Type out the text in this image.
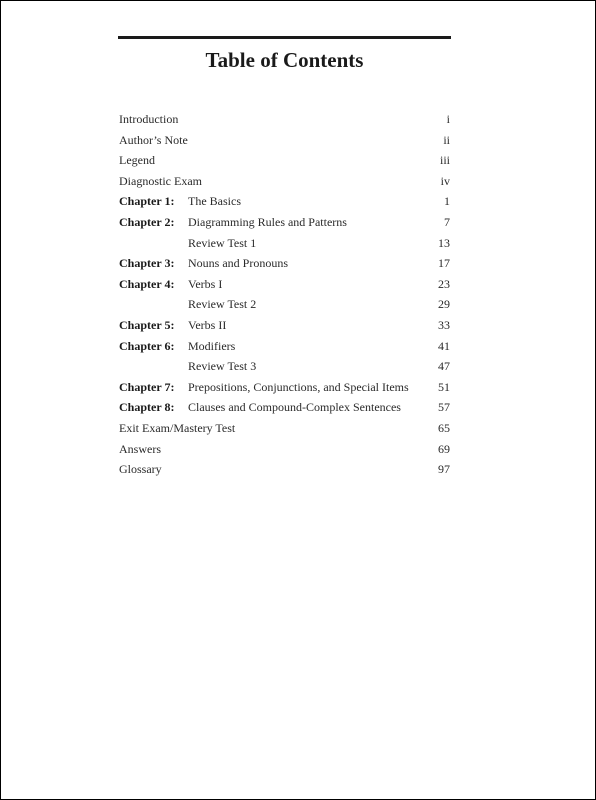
Table of Contents
Introduction	i
Author’s Note	ii
Legend	iii
Diagnostic Exam	iv
Chapter 1: The Basics	1
Chapter 2: Diagramming Rules and Patterns	7
Review Test 1	13
Chapter 3: Nouns and Pronouns	17
Chapter 4: Verbs I	23
Review Test 2	29
Chapter 5: Verbs II	33
Chapter 6: Modifiers	41
Review Test 3	47
Chapter 7: Prepositions, Conjunctions, and Special Items 51
Chapter 8: Clauses and Compound-Complex Sentences	57
Exit Exam/Mastery Test	65
Answers	69
Glossary	97
